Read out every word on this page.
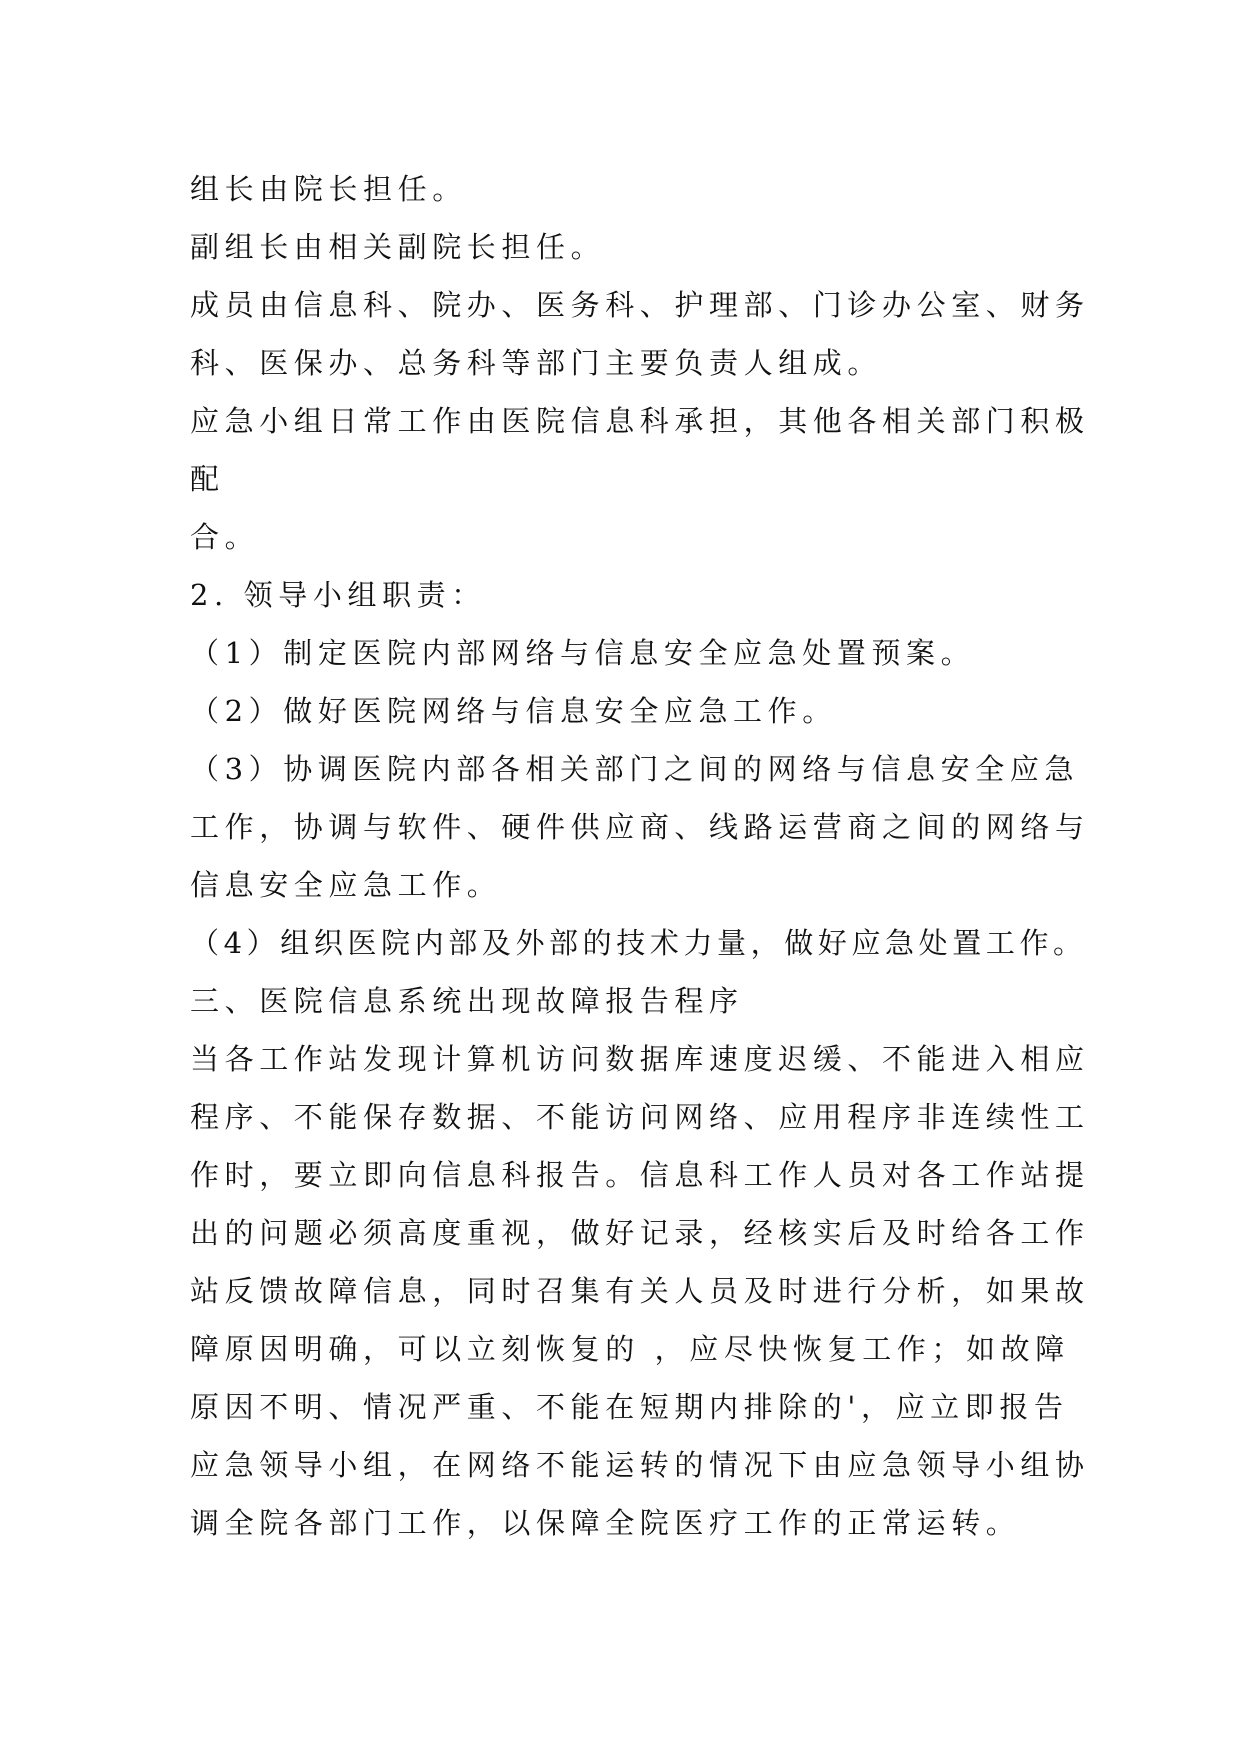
组长由院长担任。
副组长由相关副院长担任。
成员由信息科、院办、医务科、护理部、门诊办公室、财务
科、医保办、总务科等部门主要负责人组成。
应急小组日常工作由医院信息科承担，其他各相关部门积极
配
合。
2. 领导小组职责：
（1）制定医院内部网络与信息安全应急处置预案。
（2）做好医院网络与信息安全应急工作。
（3）协调医院内部各相关部门之间的网络与信息安全应急
工作，协调与软件、硬件供应商、线路运营商之间的网络与
信息安全应急工作。
（4）组织医院内部及外部的技术力量，做好应急处置工作。
三、医院信息系统出现故障报告程序
当各工作站发现计算机访问数据库速度迟缓、不能进入相应
程序、不能保存数据、不能访问网络、应用程序非连续性工
作时，要立即向信息科报告。信息科工作人员对各工作站提
出的问题必须高度重视，做好记录，经核实后及时给各工作
站反馈故障信息，同时召集有关人员及时进行分析，如果故
障原因明确，可以立刻恢复的 ，应尽快恢复工作；如故障
原因不明、情况严重、不能在短期内排除的'，应立即报告
应急领导小组，在网络不能运转的情况下由应急领导小组协
调全院各部门工作，以保障全院医疗工作的正常运转。
